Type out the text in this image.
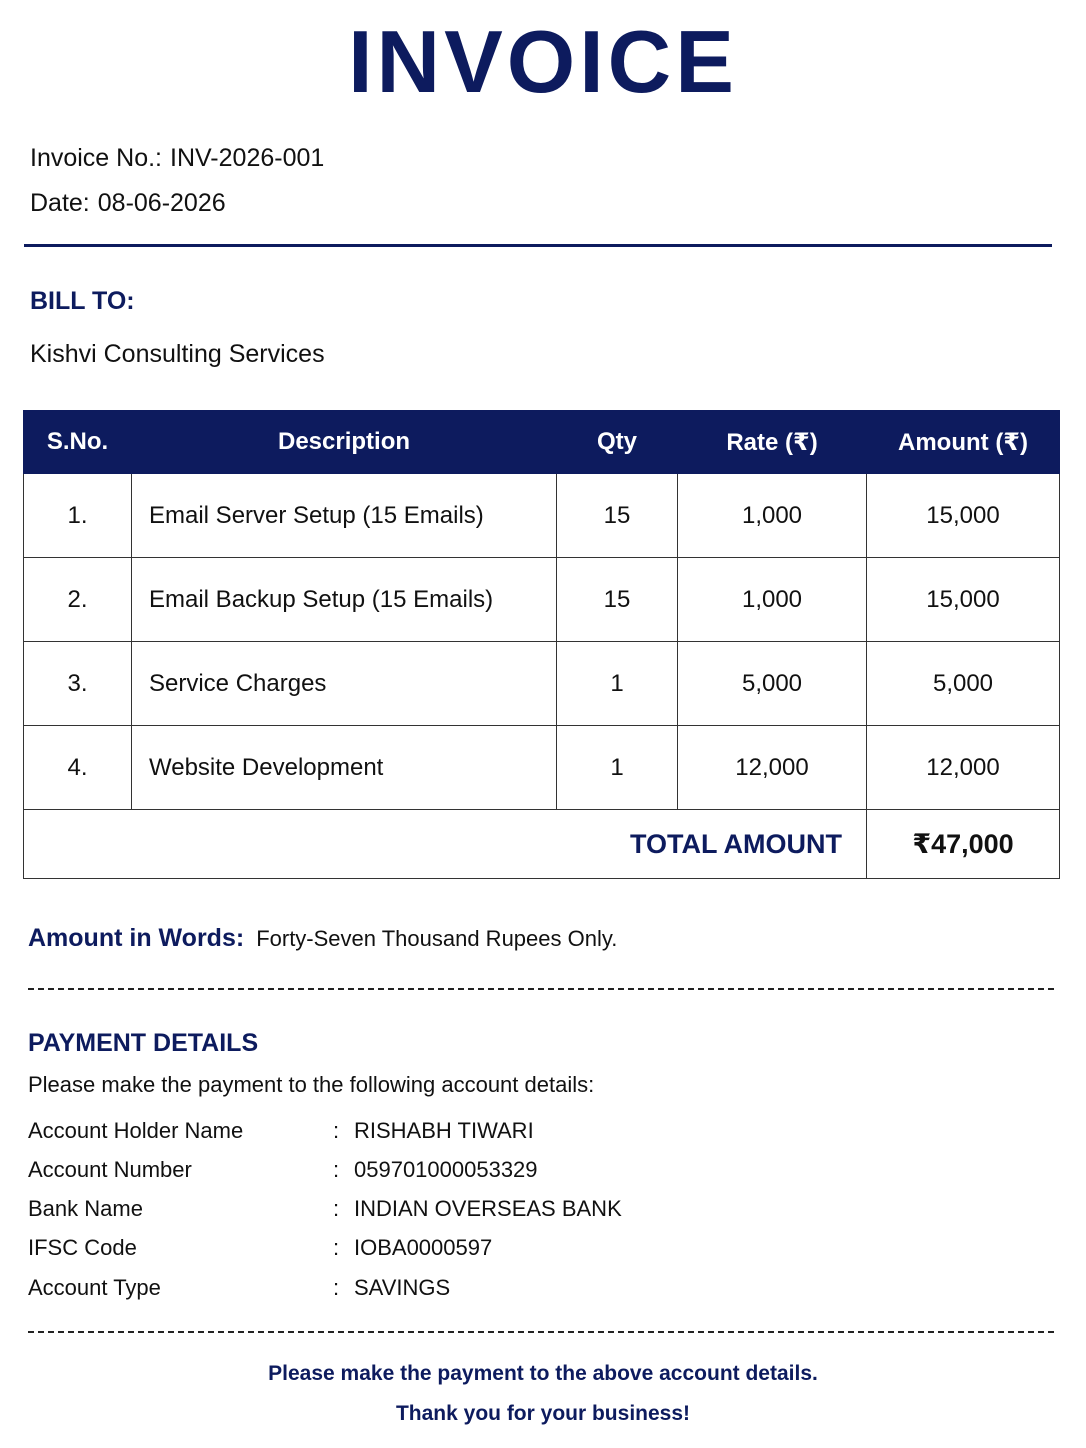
INVOICE
Invoice No.: INV-2026-001
Date: 08-06-2026
BILL TO:
Kishvi Consulting Services
S.No.	Description	Qty	Rate (₹)	Amount (₹)
1.	Email Server Setup (15 Emails)	15	1,000	15,000
2.	Email Backup Setup (15 Emails)	15	1,000	15,000
3.	Service Charges	1	5,000	5,000
4.	Website Development	1	12,000	12,000
TOTAL AMOUNT				₹47,000
Amount in Words: Forty-Seven Thousand Rupees Only.
PAYMENT DETAILS
Please make the payment to the following account details:
Account Holder Name	: RISHABH TIWARI
Account Number	: 059701000053329
Bank Name	: INDIAN OVERSEAS BANK
IFSC Code	: IOBA0000597
Account Type	: SAVINGS
Please make the payment to the above account details.
Thank you for your business!
